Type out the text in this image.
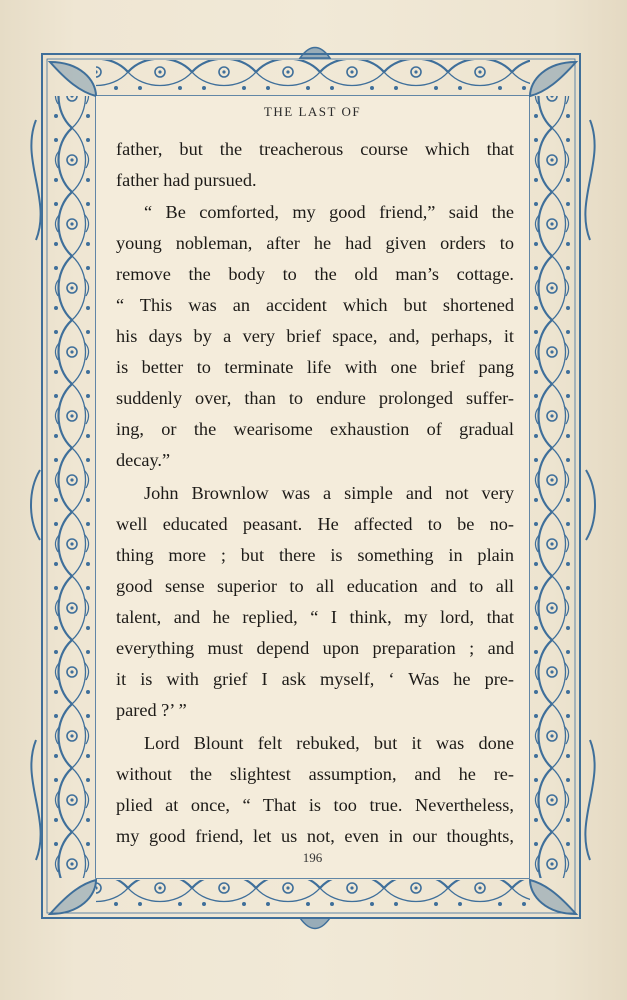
THE LAST OF
father, but the treacherous course which that
father had pursued.
“ Be comforted, my good friend,” said the
young nobleman, after he had given orders to
remove the body to the old man’s cottage.
“ This was an accident which but shortened
his days by a very brief space, and, perhaps, it
is better to terminate life with one brief pang
suddenly over, than to endure prolonged suffer-
ing, or the wearisome exhaustion of gradual
decay.”
John Brownlow was a simple and not very
well educated peasant. He affected to be no-
thing more ; but there is something in plain
good sense superior to all education and to all
talent, and he replied, “ I think, my lord, that
everything must depend upon preparation ; and
it is with grief I ask myself, ‘ Was he pre-
pared ?’ ”
Lord Blount felt rebuked, but it was done
without the slightest assumption, and he re-
plied at once, “ That is too true. Nevertheless,
my good friend, let us not, even in our thoughts,
196
